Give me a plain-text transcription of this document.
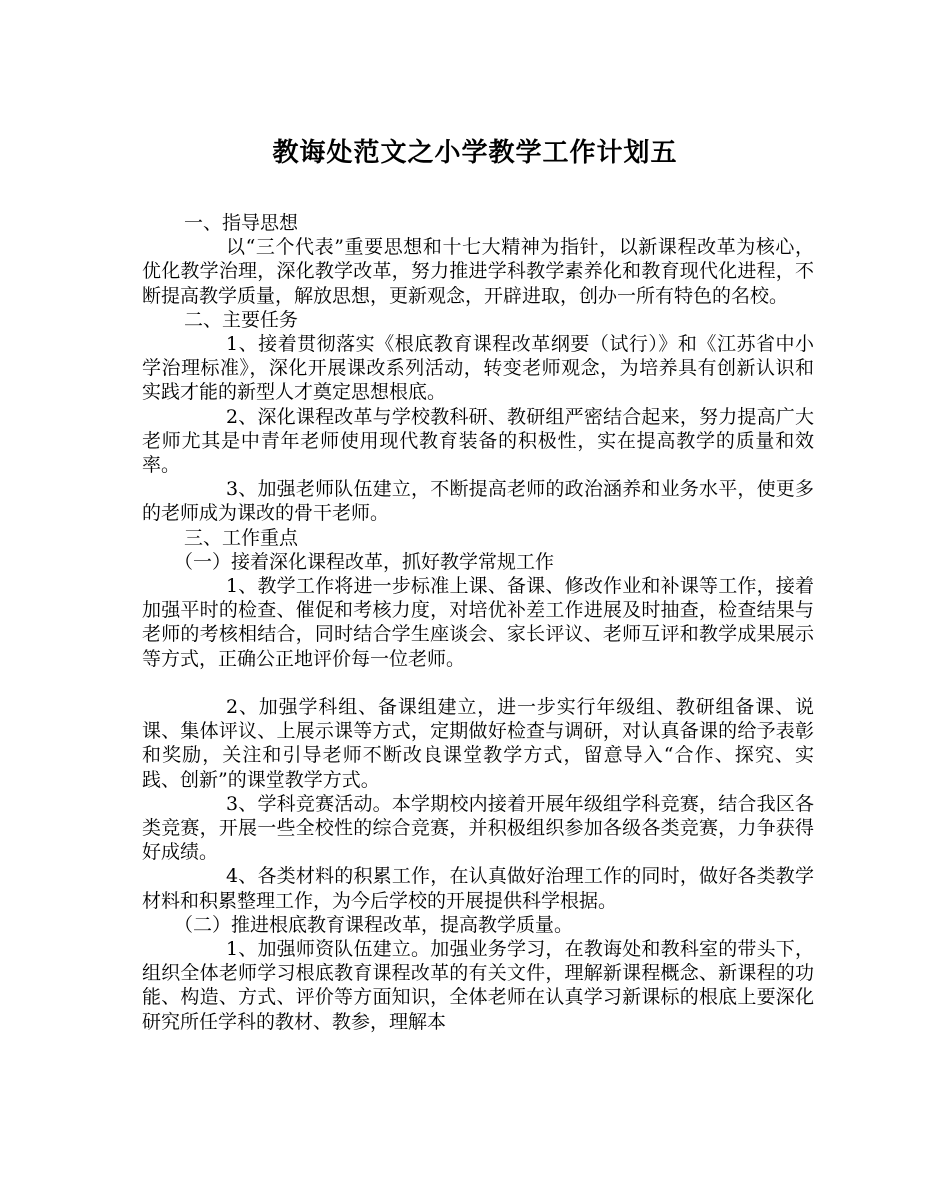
教诲处范文之小学教学工作计划五

一、指导思想

以“三个代表”重要思想和十七大精神为指针，以新课程改革为核心，优化教学治理，深化教学改革，努力推进学科教学素养化和教育现代化进程，不断提高教学质量，解放思想，更新观念，开辟进取，创办一所有特色的名校。

二、主要任务

1、接着贯彻落实《根底教育课程改革纲要（试行）》和《江苏省中小学治理标准》，深化开展课改系列活动，转变老师观念，为培养具有创新认识和实践才能的新型人才奠定思想根底。

2、深化课程改革与学校教科研、教研组严密结合起来，努力提高广大老师尤其是中青年老师使用现代教育装备的积极性，实在提高教学的质量和效率。

3、加强老师队伍建立，不断提高老师的政治涵养和业务水平，使更多的老师成为课改的骨干老师。

三、工作重点

（一）接着深化课程改革，抓好教学常规工作

1、教学工作将进一步标准上课、备课、修改作业和补课等工作，接着加强平时的检查、催促和考核力度，对培优补差工作进展及时抽查，检查结果与老师的考核相结合，同时结合学生座谈会、家长评议、老师互评和教学成果展示等方式，正确公正地评价每一位老师。

2、加强学科组、备课组建立，进一步实行年级组、教研组备课、说课、集体评议、上展示课等方式，定期做好检查与调研，对认真备课的给予表彰和奖励，关注和引导老师不断改良课堂教学方式，留意导入“合作、探究、实践、创新”的课堂教学方式。

3、学科竞赛活动。本学期校内接着开展年级组学科竞赛，结合我区各类竞赛，开展一些全校性的综合竞赛，并积极组织参加各级各类竞赛，力争获得好成绩。

4、各类材料的积累工作，在认真做好治理工作的同时，做好各类教学材料和积累整理工作，为今后学校的开展提供科学根据。

（二）推进根底教育课程改革，提高教学质量。

1、加强师资队伍建立。加强业务学习，在教诲处和教科室的带头下，组织全体老师学习根底教育课程改革的有关文件，理解新课程概念、新课程的功能、构造、方式、评价等方面知识，全体老师在认真学习新课标的根底上要深化研究所任学科的教材、教参，理解本
